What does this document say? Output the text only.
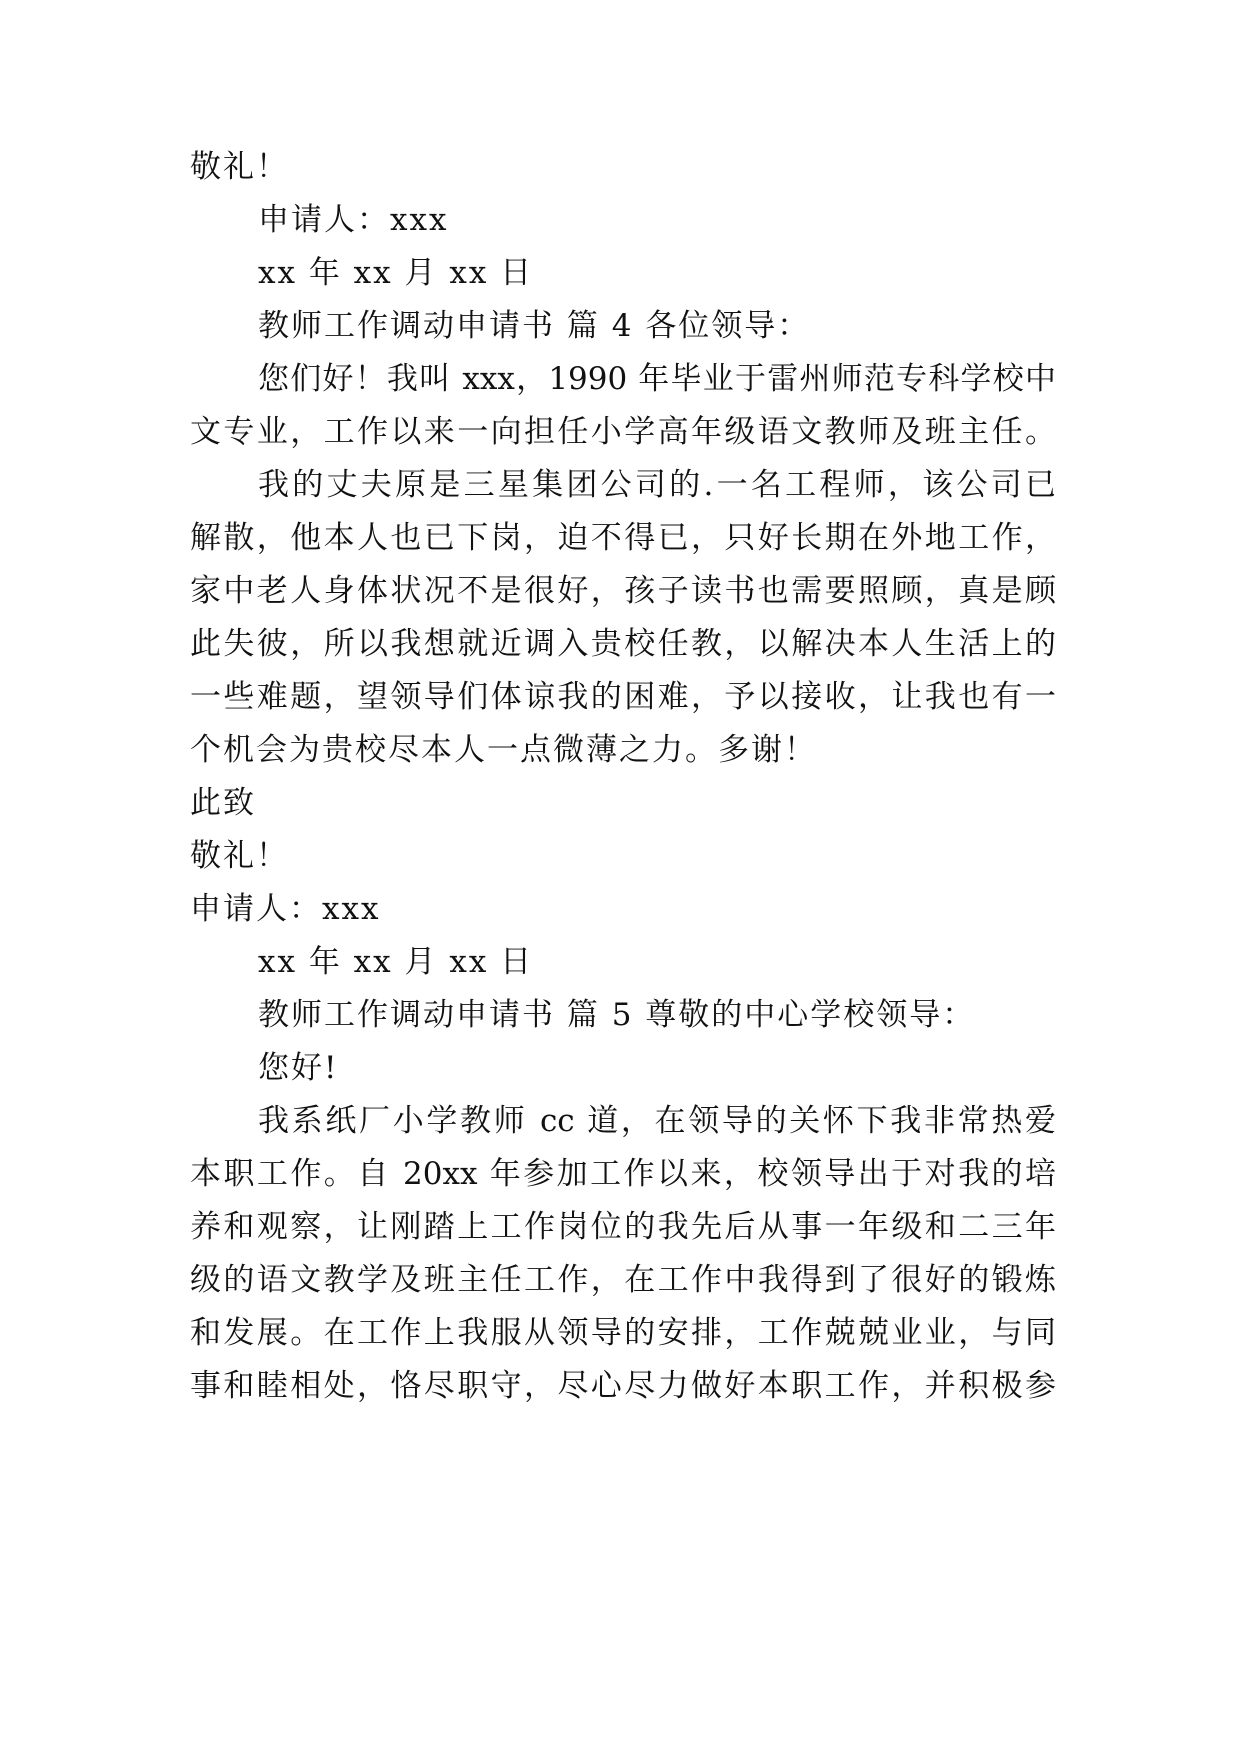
敬礼！
申请人：xxx
xx 年 xx 月 xx 日
教师工作调动申请书 篇 4 各位领导：
您们好！我叫 xxx，1990 年毕业于雷州师范专科学校中
文专业，工作以来一向担任小学高年级语文教师及班主任。
我的丈夫原是三星集团公司的.一名工程师，该公司已
解散，他本人也已下岗，迫不得已，只好长期在外地工作，
家中老人身体状况不是很好，孩子读书也需要照顾，真是顾
此失彼，所以我想就近调入贵校任教，以解决本人生活上的
一些难题，望领导们体谅我的困难，予以接收，让我也有一
个机会为贵校尽本人一点微薄之力。多谢！
此致
敬礼！
申请人：xxx
xx 年 xx 月 xx 日
教师工作调动申请书 篇 5 尊敬的中心学校领导：
您好!
我系纸厂小学教师 cc 道，在领导的关怀下我非常热爱
本职工作。自 20xx 年参加工作以来，校领导出于对我的培
养和观察，让刚踏上工作岗位的我先后从事一年级和二三年
级的语文教学及班主任工作，在工作中我得到了很好的锻炼
和发展。在工作上我服从领导的安排，工作兢兢业业，与同
事和睦相处，恪尽职守，尽心尽力做好本职工作，并积极参
